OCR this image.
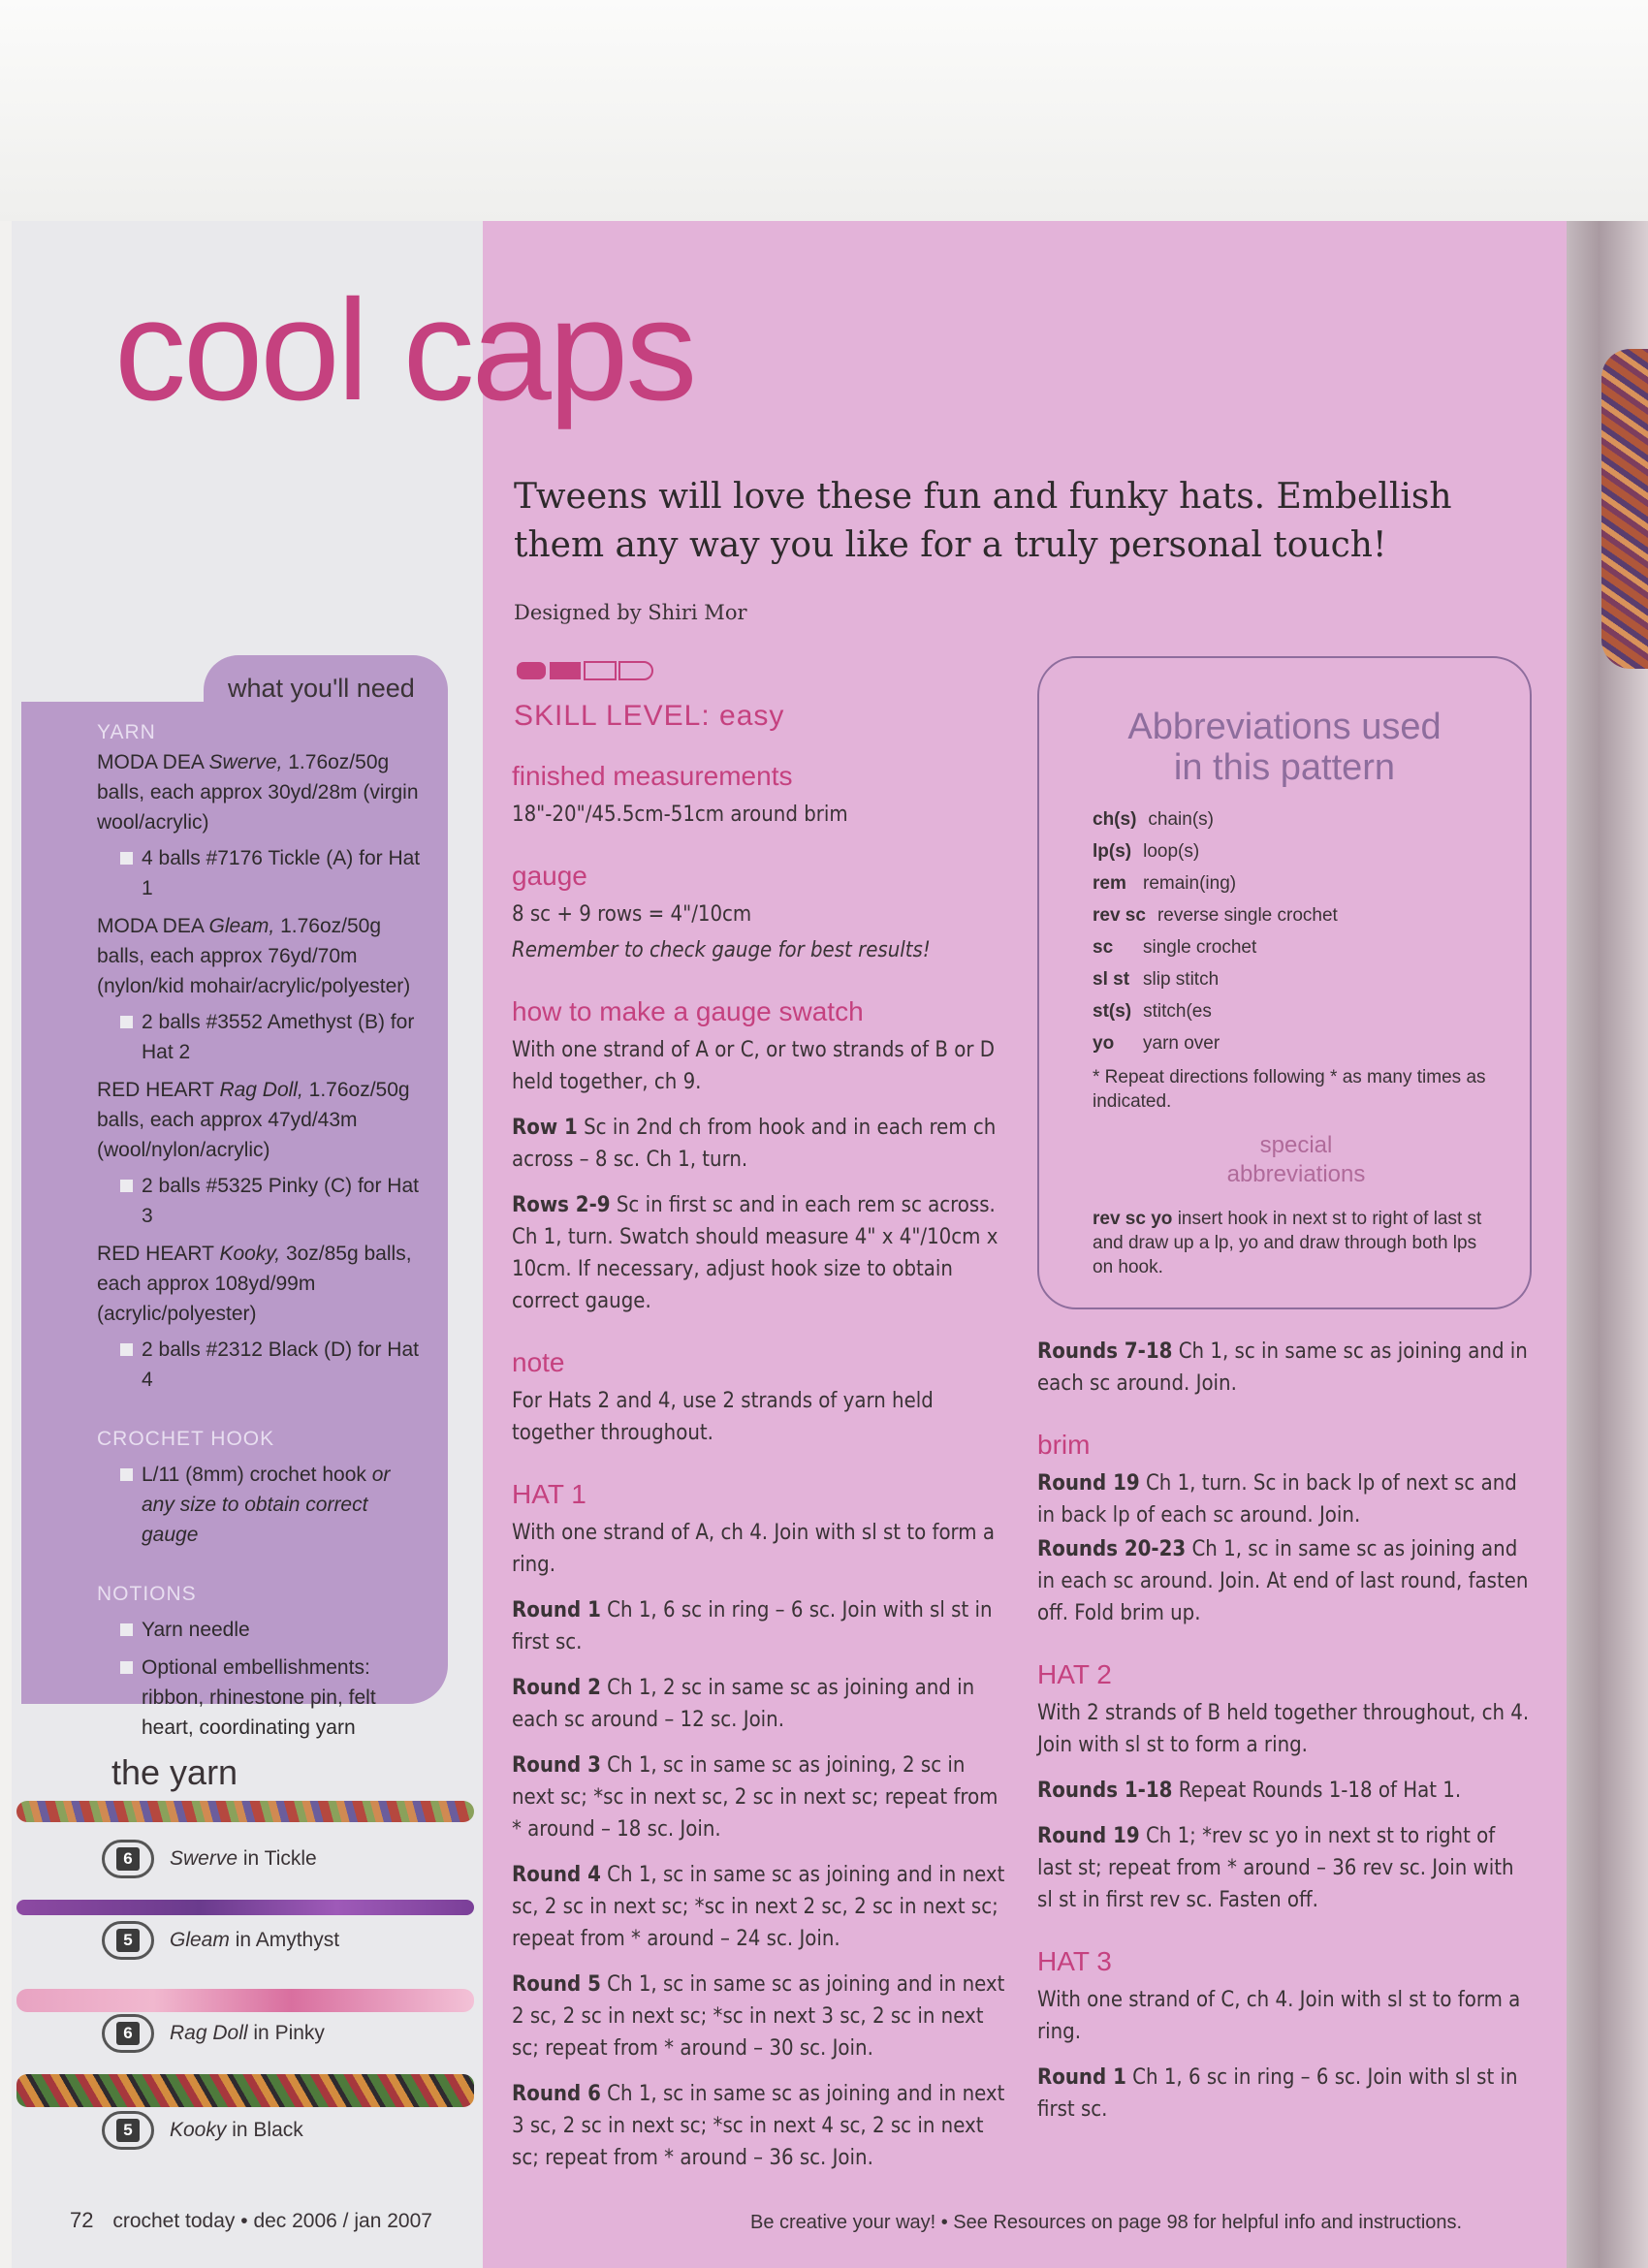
cool caps

Tweens will love these fun and funky hats. Embellish them any way you like for a truly personal touch!

Designed by Shiri Mor
SKILL LEVEL: easy
finished measurements

18"-20"/45.5cm-51cm around brim

gauge

8 sc + 9 rows = 4"/10cm

Remember to check gauge for best results!

how to make a gauge swatch

With one strand of A or C, or two strands of B or D held together, ch 9.

Row 1 Sc in 2nd ch from hook and in each rem ch across – 8 sc. Ch 1, turn.

Rows 2-9 Sc in first sc and in each rem sc across. Ch 1, turn. Swatch should measure 4" x 4"/10cm x 10cm. If necessary, adjust hook size to obtain correct gauge.

note

For Hats 2 and 4, use 2 strands of yarn held together throughout.

HAT 1

With one strand of A, ch 4. Join with sl st to form a ring.

Round 1 Ch 1, 6 sc in ring – 6 sc. Join with sl st in first sc.

Round 2 Ch 1, 2 sc in same sc as joining and in each sc around – 12 sc. Join.

Round 3 Ch 1, sc in same sc as joining, 2 sc in next sc; *sc in next sc, 2 sc in next sc; repeat from * around – 18 sc. Join.

Round 4 Ch 1, sc in same sc as joining and in next sc, 2 sc in next sc; *sc in next 2 sc, 2 sc in next sc; repeat from * around – 24 sc. Join.

Round 5 Ch 1, sc in same sc as joining and in next 2 sc, 2 sc in next sc; *sc in next 3 sc, 2 sc in next sc; repeat from * around – 30 sc. Join.

Round 6 Ch 1, sc in same sc as joining and in next 3 sc, 2 sc in next sc; *sc in next 4 sc, 2 sc in next sc; repeat from * around – 36 sc. Join.

Abbreviations used
in this pattern
ch(s) chain(s)
lp(s) loop(s)
rem remain(ing)
rev sc reverse single crochet
sc single crochet
sl st slip stitch
st(s) stitch(es
yo yarn over
* Repeat directions following * as many times as indicated.
special
abbreviations
rev sc yo insert hook in next st to right of last st and draw up a lp, yo and draw through both lps on hook.

Rounds 7-18 Ch 1, sc in same sc as joining and in each sc around. Join.

brim

Round 19 Ch 1, turn. Sc in back lp of next sc and in back lp of each sc around. Join.

Rounds 20-23 Ch 1, sc in same sc as joining and in each sc around. Join. At end of last round, fasten off. Fold brim up.

HAT 2

With 2 strands of B held together throughout, ch 4. Join with sl st to form a ring.

Rounds 1-18 Repeat Rounds 1-18 of Hat 1.

Round 19 Ch 1; *rev sc yo in next st to right of last st; repeat from * around – 36 rev sc. Join with sl st in first rev sc. Fasten off.

HAT 3

With one strand of C, ch 4. Join with sl st to form a ring.

Round 1 Ch 1, 6 sc in ring – 6 sc. Join with sl st in first sc.

what you'll need
YARN
MODA DEA Swerve, 1.76oz/50g balls, each approx 30yd/28m (virgin wool/acrylic)
4 balls #7176 Tickle (A) for Hat 1
MODA DEA Gleam, 1.76oz/50g balls, each approx 76yd/70m (nylon/kid mohair/acrylic/polyester)
2 balls #3552 Amethyst (B) for Hat 2
RED HEART Rag Doll, 1.76oz/50g balls, each approx 47yd/43m (wool/nylon/acrylic)
2 balls #5325 Pinky (C) for Hat 3
RED HEART Kooky, 3oz/85g balls, each approx 108yd/99m (acrylic/polyester)
2 balls #2312 Black (D) for Hat 4
CROCHET HOOK
L/11 (8mm) crochet hook or any size to obtain correct gauge
NOTIONS
Yarn needle
Optional embellishments: ribbon, rhinestone pin, felt heart, coordinating yarn
the yarn
6	Swerve in Tickle
5	Gleam in Amythyst
6	Rag Doll in Pinky
5	Kooky in Black
72 crochet today • dec 2006 / jan 2007	Be creative your way! • See Resources on page 98 for helpful info and instructions.
